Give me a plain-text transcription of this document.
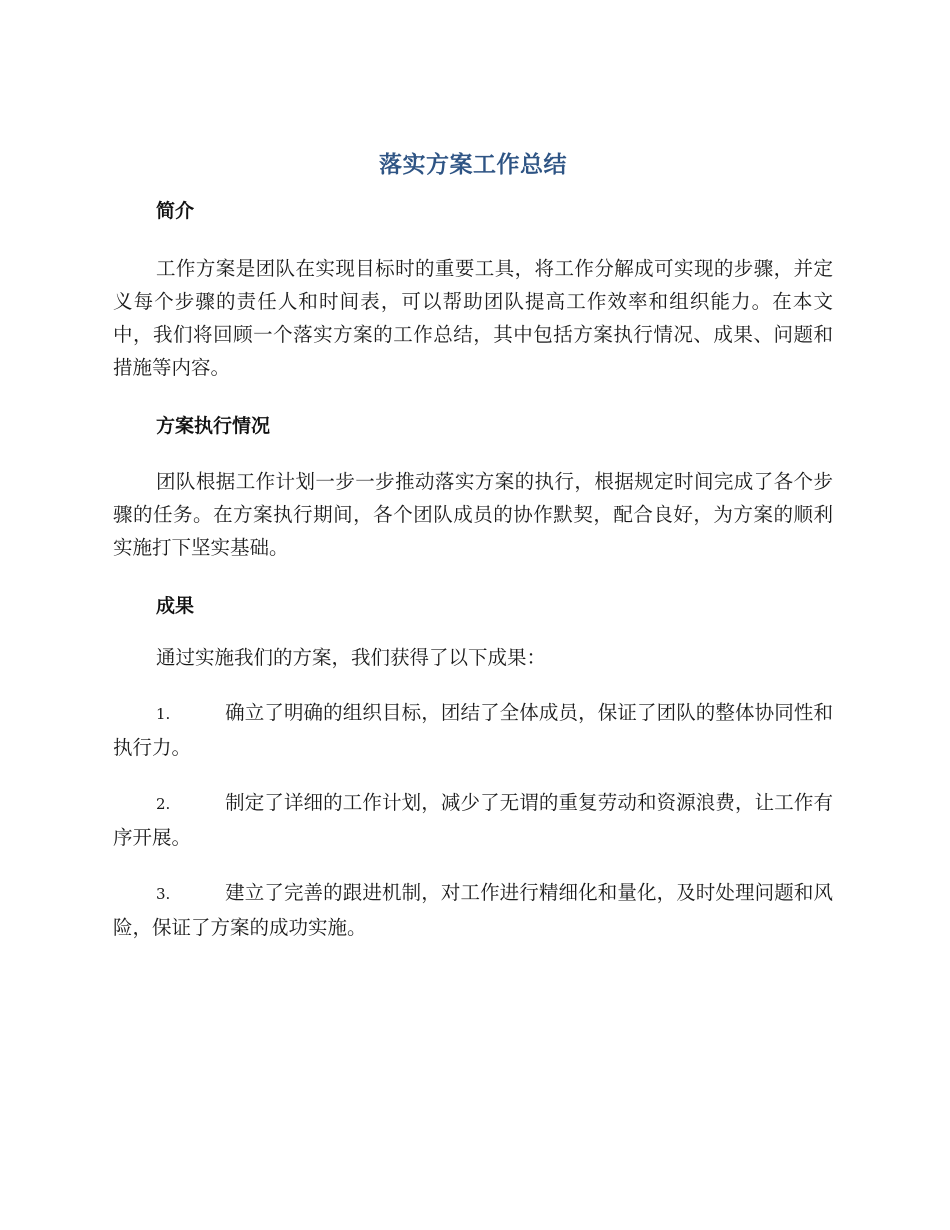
落实方案工作总结
简介

工作方案是团队在实现目标时的重要工具，将工作分解成可实现的步骤，并定义每个步骤的责任人和时间表，可以帮助团队提高工作效率和组织能力。在本文中，我们将回顾一个落实方案的工作总结，其中包括方案执行情况、成果、问题和措施等内容。

方案执行情况

团队根据工作计划一步一步推动落实方案的执行，根据规定时间完成了各个步骤的任务。在方案执行期间，各个团队成员的协作默契，配合良好，为方案的顺利实施打下坚实基础。

成果

通过实施我们的方案，我们获得了以下成果：

1.	确立了明确的组织目标，团结了全体成员，保证了团队的整体协同性和执行力。

2.	制定了详细的工作计划，减少了无谓的重复劳动和资源浪费，让工作有序开展。

3.	建立了完善的跟进机制，对工作进行精细化和量化，及时处理问题和风险，保证了方案的成功实施。
